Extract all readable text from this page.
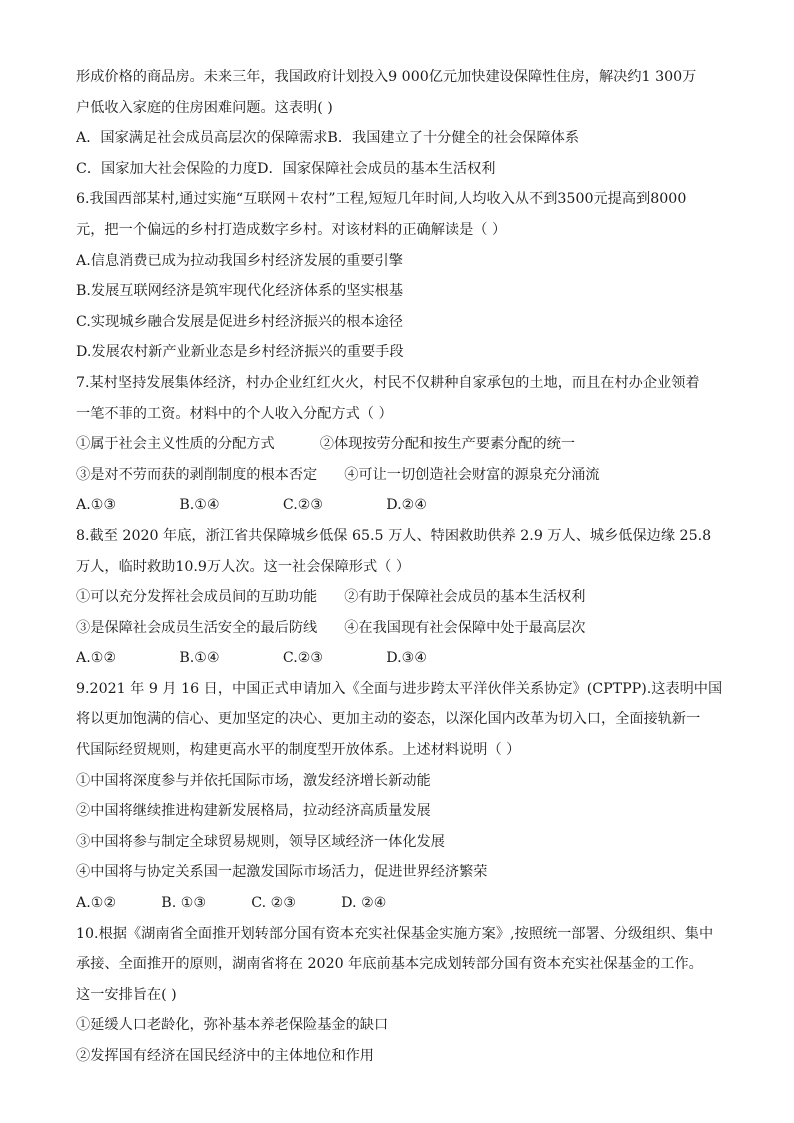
形成价格的商品房。未来三年，我国政府计划投入9 000亿元加快建设保障性住房，解决约1 300万
户低收入家庭的住房困难问题。这表明( )
A．国家满足社会成员高层次的保障需求B．我国建立了十分健全的社会保障体系
C．国家加大社会保险的力度D．国家保障社会成员的基本生活权利
6.我国西部某村,通过实施“互联网＋农村”工程,短短几年时间,人均收入从不到3500元提高到8000
元，把一个偏远的乡村打造成数字乡村。对该材料的正确解读是（ ）
A.信息消费已成为拉动我国乡村经济发展的重要引擎
B.发展互联网经济是筑牢现代化经济体系的坚实根基
C.实现城乡融合发展是促进乡村经济振兴的根本途径
D.发展农村新产业新业态是乡村经济振兴的重要手段
7.某村坚持发展集体经济，村办企业红红火火，村民不仅耕种自家承包的土地，而且在村办企业领着
一笔不菲的工资。材料中的个人收入分配方式（ ）
①属于社会主义性质的分配方式          ②体现按劳分配和按生产要素分配的统一
③是对不劳而获的剥削制度的根本否定      ④可让一切创造社会财富的源泉充分涌流
A.①③              B.①④              C.②③              D.②④
8.截至 2020 年底，浙江省共保障城乡低保 65.5 万人、特困救助供养 2.9 万人、城乡低保边缘 25.8
万人，临时救助10.9万人次。这一社会保障形式（ ）
①可以充分发挥社会成员间的互助功能      ②有助于保障社会成员的基本生活权利
③是保障社会成员生活安全的最后防线      ④在我国现有社会保障中处于最高层次
A.①②              B.①④              C.②③              D.③④
9.2021 年 9 月 16 日，中国正式申请加入《全面与进步跨太平洋伙伴关系协定》(CPTPP).这表明中国
将以更加饱满的信心、更加坚定的决心、更加主动的姿态，以深化国内改革为切入口，全面接轨新一
代国际经贸规则，构建更高水平的制度型开放体系。上述材料说明（ ）
①中国将深度参与并依托国际市场，激发经济增长新动能
②中国将继续推进构建新发展格局，拉动经济高质量发展
③中国将参与制定全球贸易规则，领导区域经济一体化发展
④中国将与协定关系国一起激发国际市场活力，促进世界经济繁荣
A.①②          B. ①③          C. ②③          D. ②④
10.根据《湖南省全面推开划转部分国有资本充实社保基金实施方案》,按照统一部署、分级组织、集中
承接、全面推开的原则，湖南省将在 2020 年底前基本完成划转部分国有资本充实社保基金的工作。
这一安排旨在( )
①延缓人口老龄化，弥补基本养老保险基金的缺口
②发挥国有经济在国民经济中的主体地位和作用
